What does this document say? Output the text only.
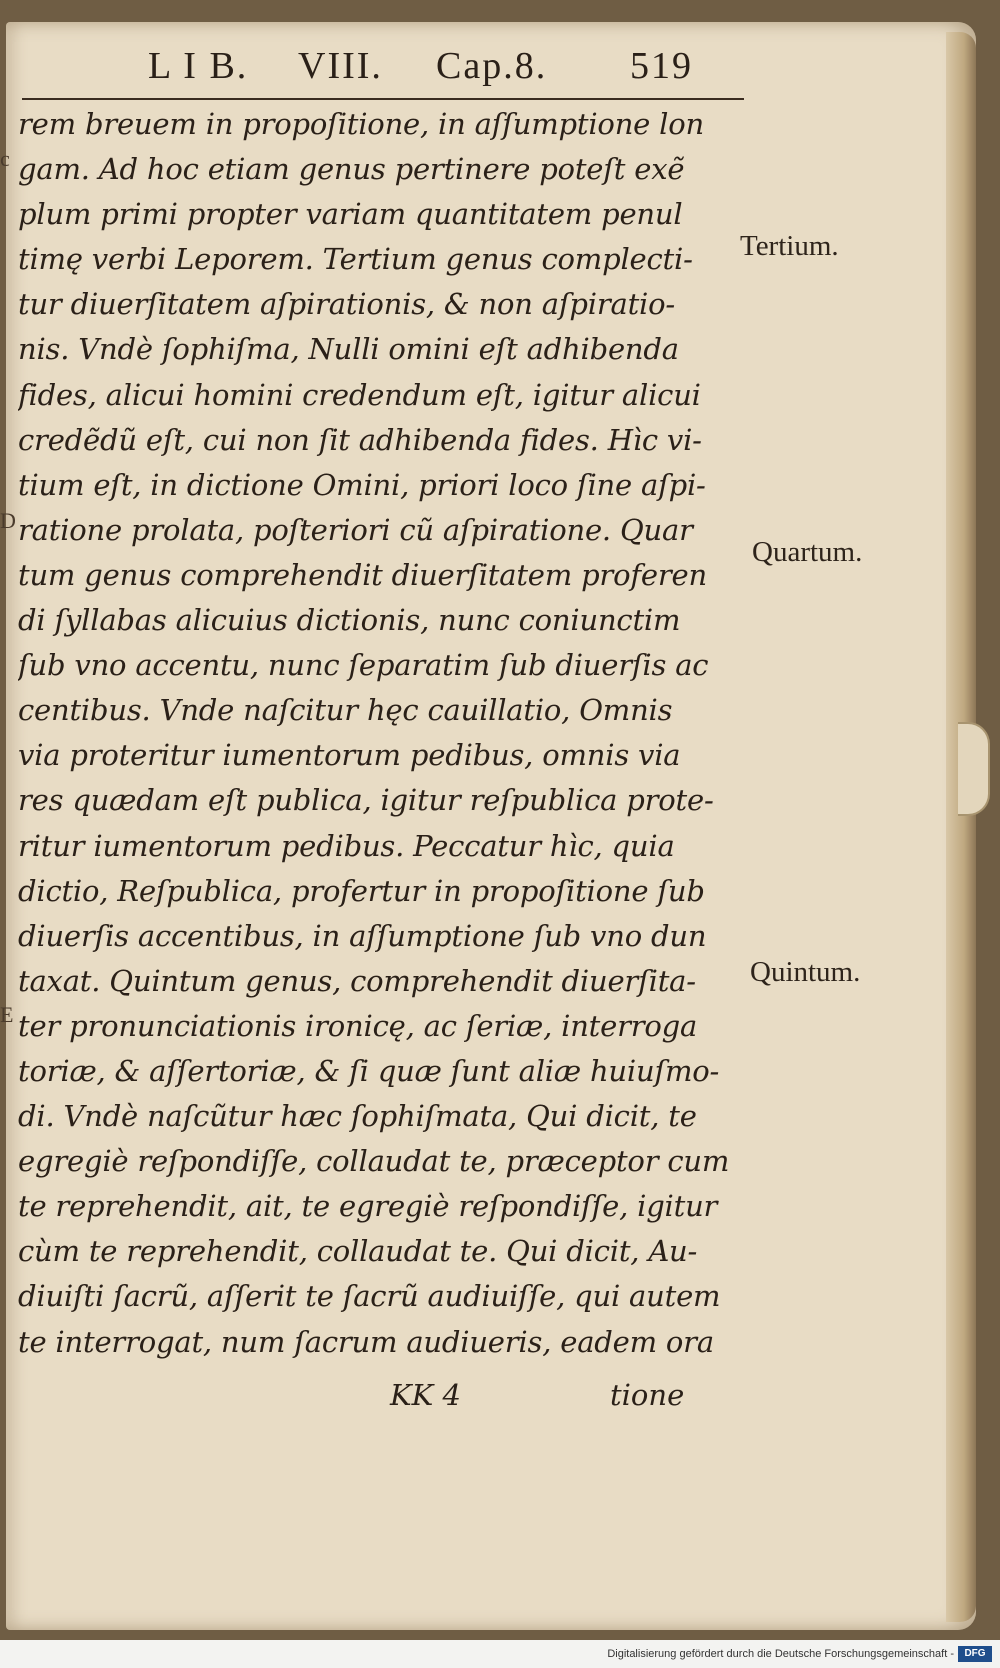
L I B. VIII. Cap.8. 519
rem breuem in propoſitione, in aſſumptione lon
gam. Ad hoc etiam genus pertinere poteſt exẽ
plum primi propter variam quantitatem penul
timę verbi Leporem. Tertium genus complecti-
tur diuerſitatem aſpirationis, & non aſpiratio-
nis. Vndè ſophiſma, Nulli omini eſt adhibenda
fides, alicui homini credendum eſt, igitur alicui
credẽdũ eſt, cui non ſit adhibenda fides. Hìc vi-
tium eſt, in dictione Omini, priori loco ſine aſpi-
ratione prolata, poſteriori cũ aſpiratione. Quar
tum genus comprehendit diuerſitatem proferen
di ſyllabas alicuius dictionis, nunc coniunctim
ſub vno accentu, nunc ſeparatim ſub diuerſis ac
centibus. Vnde naſcitur hęc cauillatio, Omnis
via proteritur iumentorum pedibus, omnis via
res quædam eſt publica, igitur reſpublica prote-
ritur iumentorum pedibus. Peccatur hìc, quia
dictio, Reſpublica, profertur in propoſitione ſub
diuerſis accentibus, in aſſumptione ſub vno dun
taxat. Quintum genus, comprehendit diuerſita-
ter pronunciationis ironicę, ac ſeriæ, interroga
toriæ, & aſſertoriæ, & ſi quæ ſunt aliæ huiuſmo-
di. Vndè naſcũtur hæc ſophiſmata, Qui dicit, te
egregiè reſpondiſſe, collaudat te, præceptor cum
te reprehendit, ait, te egregiè reſpondiſſe, igitur
cùm te reprehendit, collaudat te. Qui dicit, Au-
diuiſti ſacrũ, aſſerit te ſacrũ audiuiſſe, qui autem
te interrogat, num ſacrum audiueris, eadem ora
Tertium.
Quartum.
Quintum.
c
D
E
KK 4	tione
Digitalisierung gefördert durch die Deutsche Forschungsgemeinschaft -	DFG
